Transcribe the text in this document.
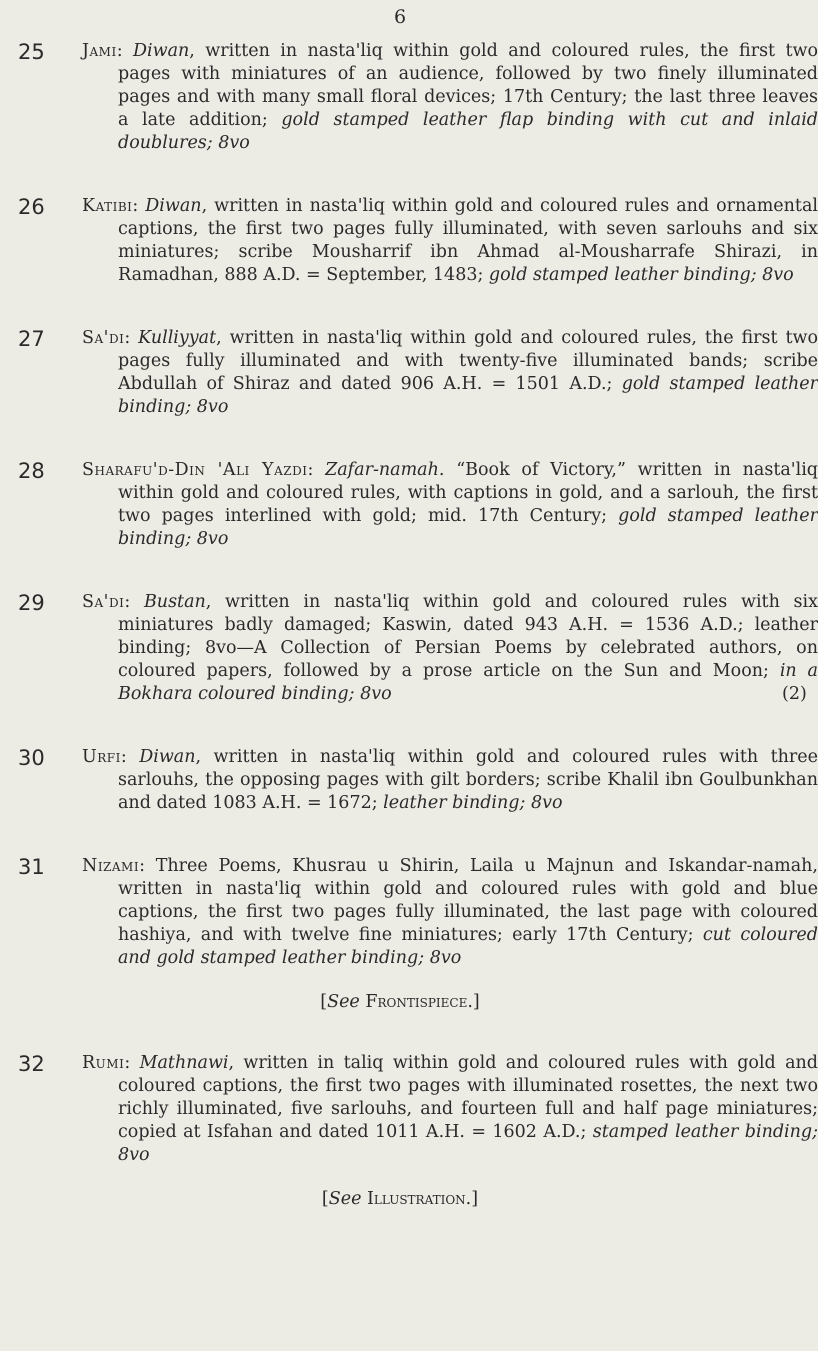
6
25	Jami: Diwan, written in nasta'liq within gold and coloured rules, the first two pages with miniatures of an audience, followed by two finely illuminated pages and with many small floral devices; 17th Century; the last three leaves a late addition; gold stamped leather flap binding with cut and inlaid doublures; 8vo
26	Katibi: Diwan, written in nasta'liq within gold and coloured rules and ornamental captions, the first two pages fully illuminated, with seven sarlouhs and six miniatures; scribe Mousharrif ibn Ahmad al-Mousharrafe Shirazi, in Ramadhan, 888 A.D. = September, 1483; gold stamped leather binding; 8vo
27	Sa'di: Kulliyyat, written in nasta'liq within gold and coloured rules, the first two pages fully illuminated and with twenty-five illuminated bands; scribe Abdullah of Shiraz and dated 906 A.H. = 1501 A.D.; gold stamped leather binding; 8vo
28	Sharafu'd-Din 'Ali Yazdi: Zafar-namah. “Book of Victory,” written in nasta'liq within gold and coloured rules, with captions in gold, and a sarlouh, the first two pages interlined with gold; mid. 17th Century; gold stamped leather binding; 8vo
29	Sa'di: Bustan, written in nasta'liq within gold and coloured rules with six miniatures badly damaged; Kaswin, dated 943 A.H. = 1536 A.D.; leather binding; 8vo—A Collection of Persian Poems by celebrated authors, on coloured papers, followed by a prose article on the Sun and Moon; in a Bokhara coloured binding; 8vo	(2)
30	Urfi: Diwan, written in nasta'liq within gold and coloured rules with three sarlouhs, the opposing pages with gilt borders; scribe Khalil ibn Goulbunkhan and dated 1083 A.H. = 1672; leather binding; 8vo
31	Nizami: Three Poems, Khusrau u Shirin, Laila u Majnun and Iskandar-namah, written in nasta'liq within gold and coloured rules with gold and blue captions, the first two pages fully illuminated, the last page with coloured hashiya, and with twelve fine miniatures; early 17th Century; cut coloured and gold stamped leather binding; 8vo
[See Frontispiece.]
32	Rumi: Mathnawi, written in taliq within gold and coloured rules with gold and coloured captions, the first two pages with illuminated rosettes, the next two richly illuminated, five sarlouhs, and fourteen full and half page miniatures; copied at Isfahan and dated 1011 A.H. = 1602 A.D.; stamped leather binding; 8vo
[See Illustration.]
